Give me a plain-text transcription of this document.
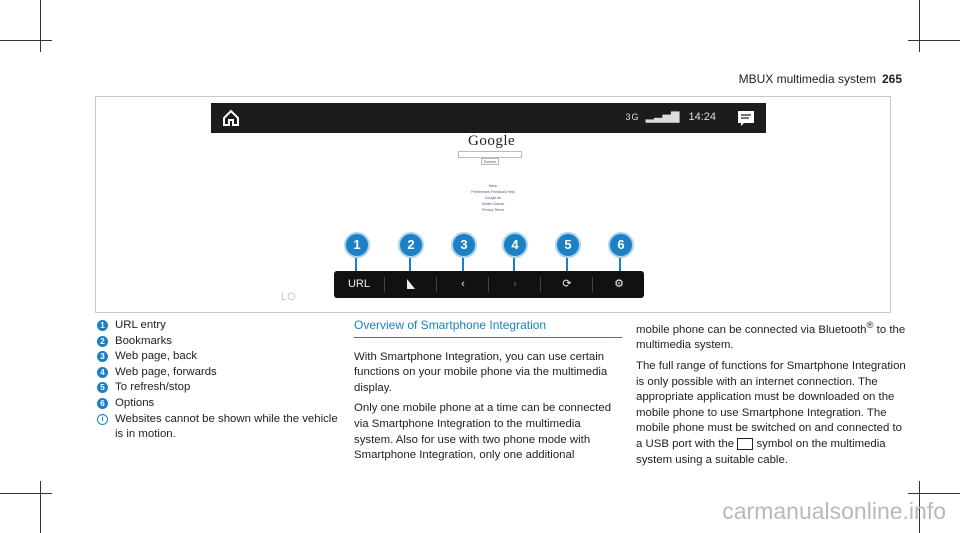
MBUX multimedia system 265
3G ▂▃▅▇ 14:24
Google
Search
Menu
Preferences Feedback Help
Google.de
Mobile Classic
Privacy Terms
1	2	3	4	5	6
URL	‹	›	⟳	⚙
LO
1 URL entry
2 Bookmarks
3 Web page, back
4 Web page, forwards
5 To refresh/stop
6 Options
i	Websites cannot be shown while the vehicle is in motion.
Overview of Smartphone Integration

With Smartphone Integration, you can use certain functions on your mobile phone via the multimedia display.

Only one mobile phone at a time can be connected via Smartphone Integration to the multimedia system. Also for use with two phone mode with Smartphone Integration, only one additional

mobile phone can be connected via Bluetooth® to the multimedia system.

The full range of functions for Smartphone Integration is only possible with an internet connection. The appropriate application must be downloaded on the mobile phone to use Smartphone Integration. The mobile phone must be switched on and connected to a USB port with the symbol on the multimedia system using a suitable cable.

carmanualsonline.info
